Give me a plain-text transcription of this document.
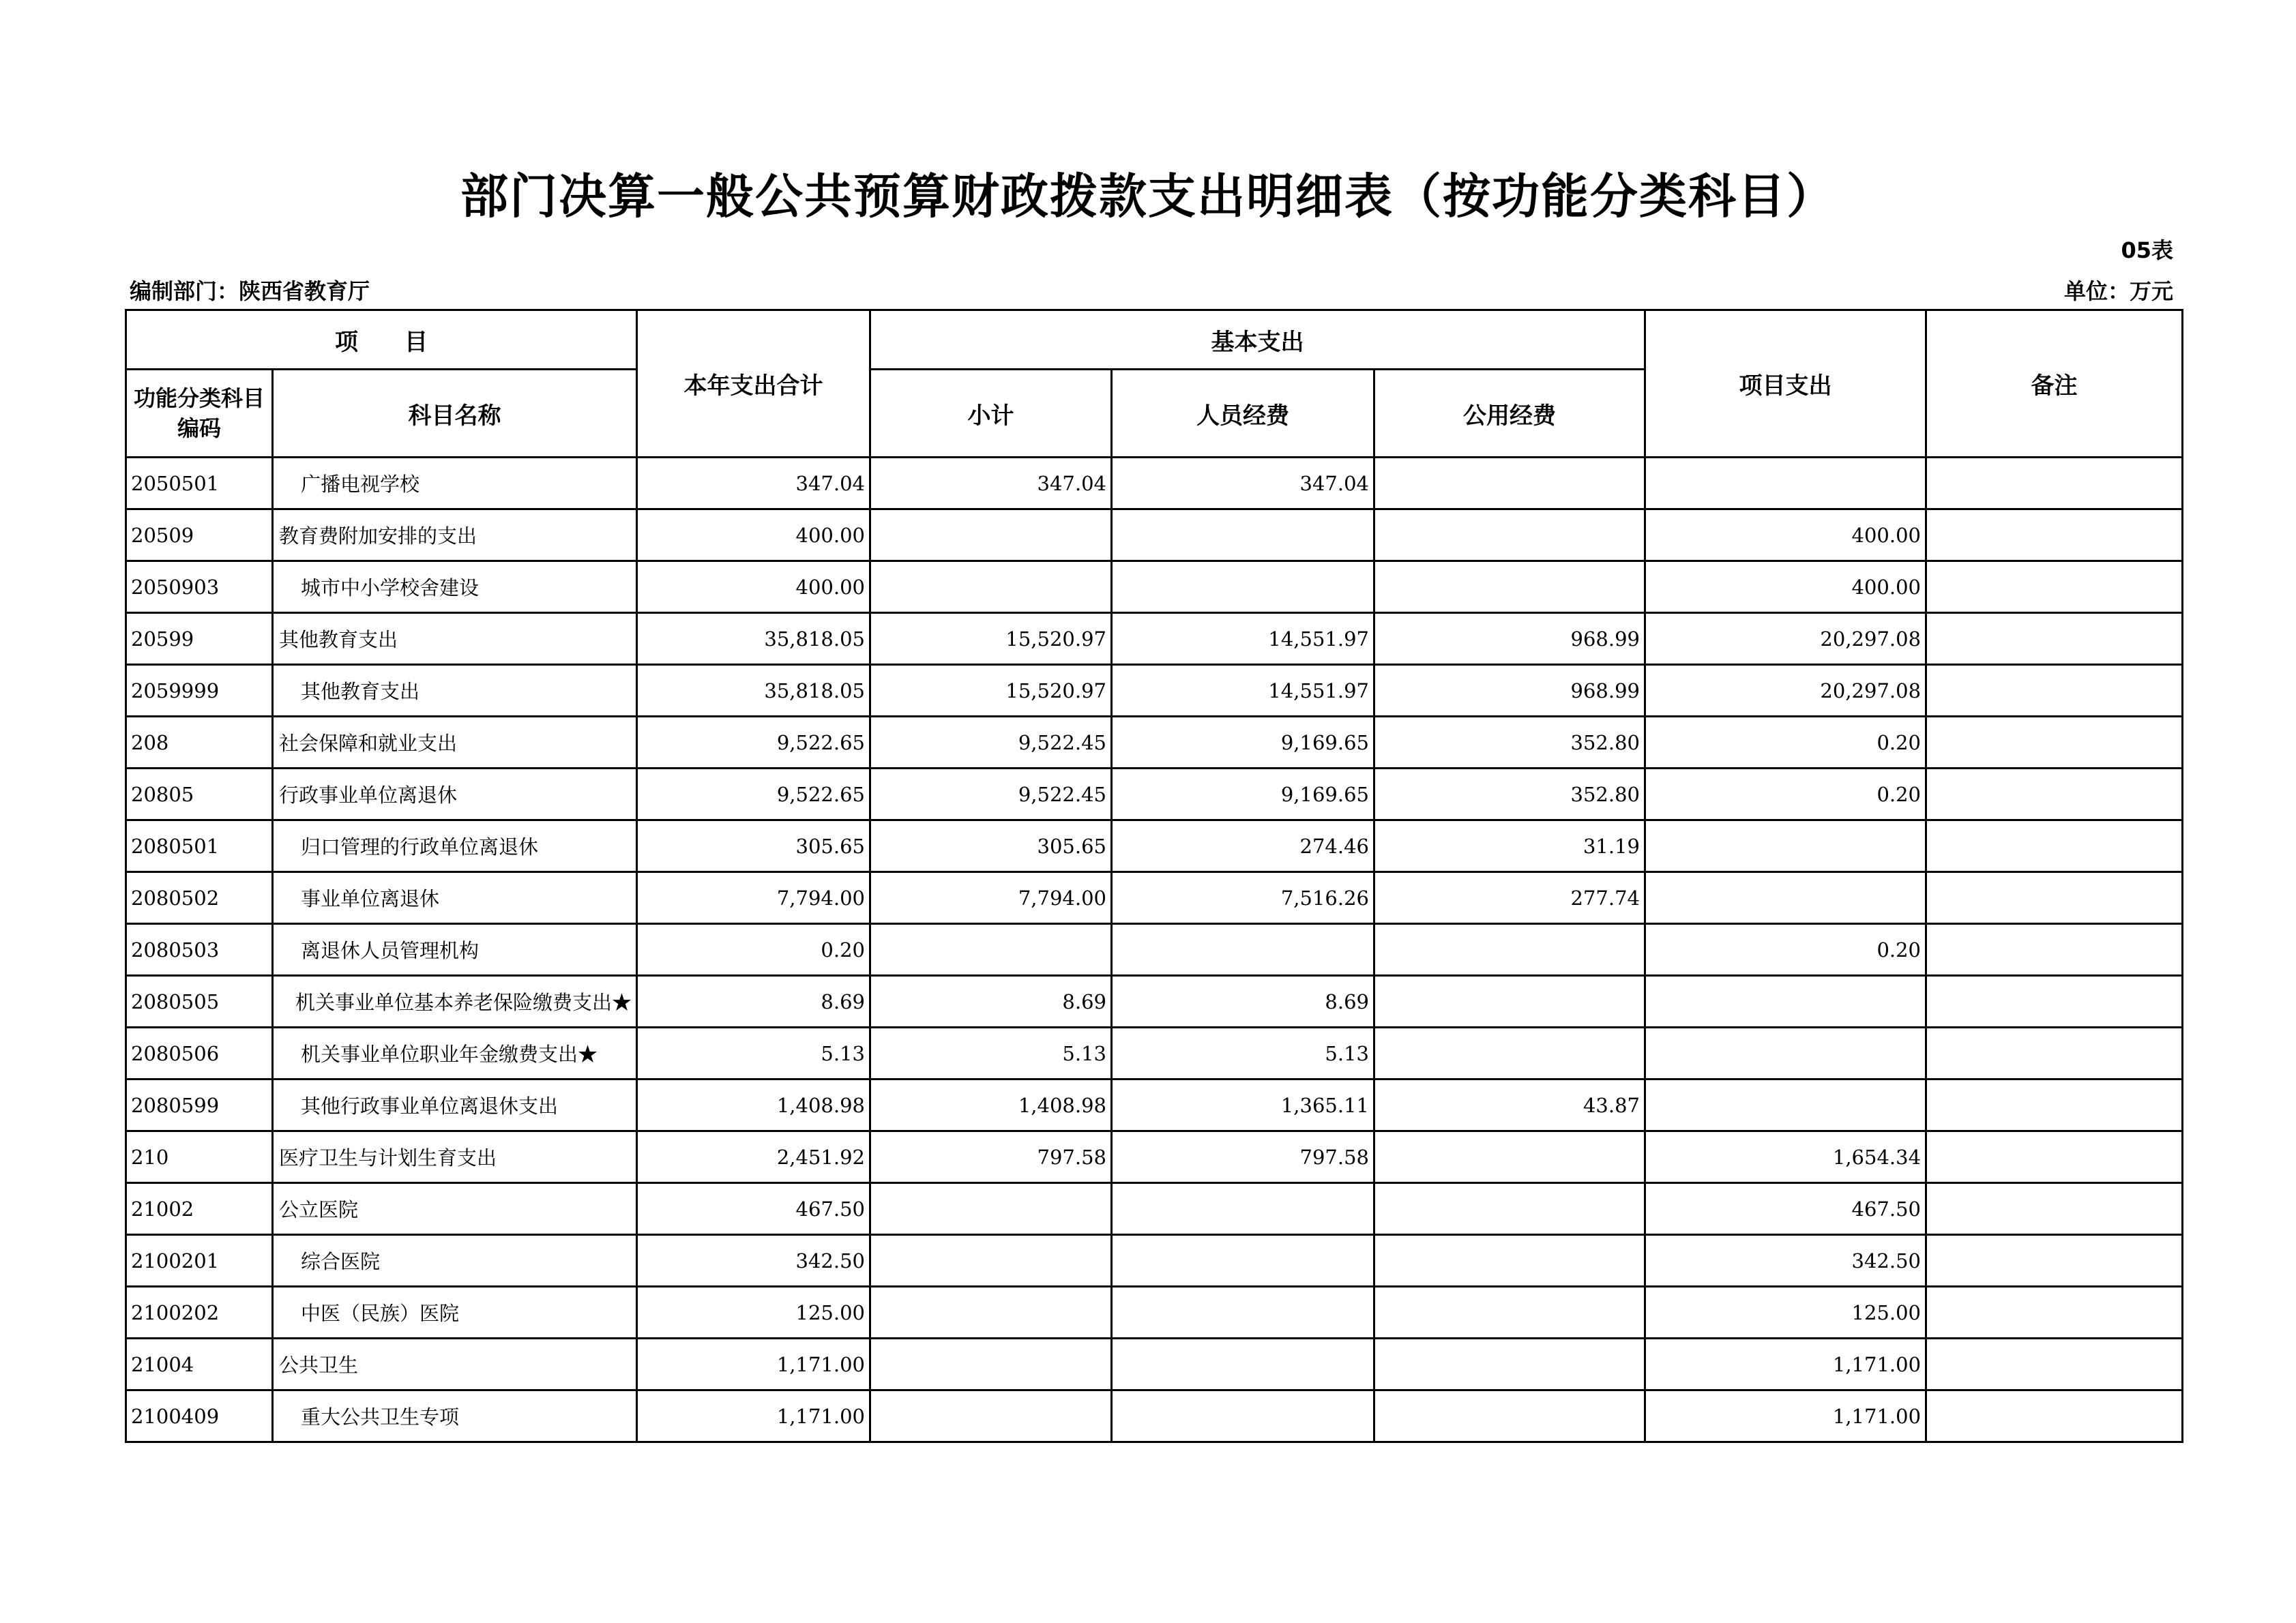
部门决算一般公共预算财政拨款支出明细表（按功能分类科目）
05表
编制部门：陕西省教育厅	单位：万元
项　　目		本年支出合计	基本支出			项目支出	备注
功能分类科目编码	科目名称		小计	人员经费	公用经费		
2050501	广播电视学校	347.04	347.04	347.04			
20509	教育费附加安排的支出	400.00				400.00	
2050903	城市中小学校舍建设	400.00				400.00	
20599	其他教育支出	35,818.05	15,520.97	14,551.97	968.99	20,297.08	
2059999	其他教育支出	35,818.05	15,520.97	14,551.97	968.99	20,297.08	
208	社会保障和就业支出	9,522.65	9,522.45	9,169.65	352.80	0.20	
20805	行政事业单位离退休	9,522.65	9,522.45	9,169.65	352.80	0.20	
2080501	归口管理的行政单位离退休	305.65	305.65	274.46	31.19		
2080502	事业单位离退休	7,794.00	7,794.00	7,516.26	277.74		
2080503	离退休人员管理机构	0.20				0.20	
2080505	机关事业单位基本养老保险缴费支出★	8.69	8.69	8.69			
2080506	机关事业单位职业年金缴费支出★	5.13	5.13	5.13			
2080599	其他行政事业单位离退休支出	1,408.98	1,408.98	1,365.11	43.87		
210	医疗卫生与计划生育支出	2,451.92	797.58	797.58		1,654.34	
21002	公立医院	467.50				467.50	
2100201	综合医院	342.50				342.50	
2100202	中医（民族）医院	125.00				125.00	
21004	公共卫生	1,171.00				1,171.00	
2100409	重大公共卫生专项	1,171.00				1,171.00	
